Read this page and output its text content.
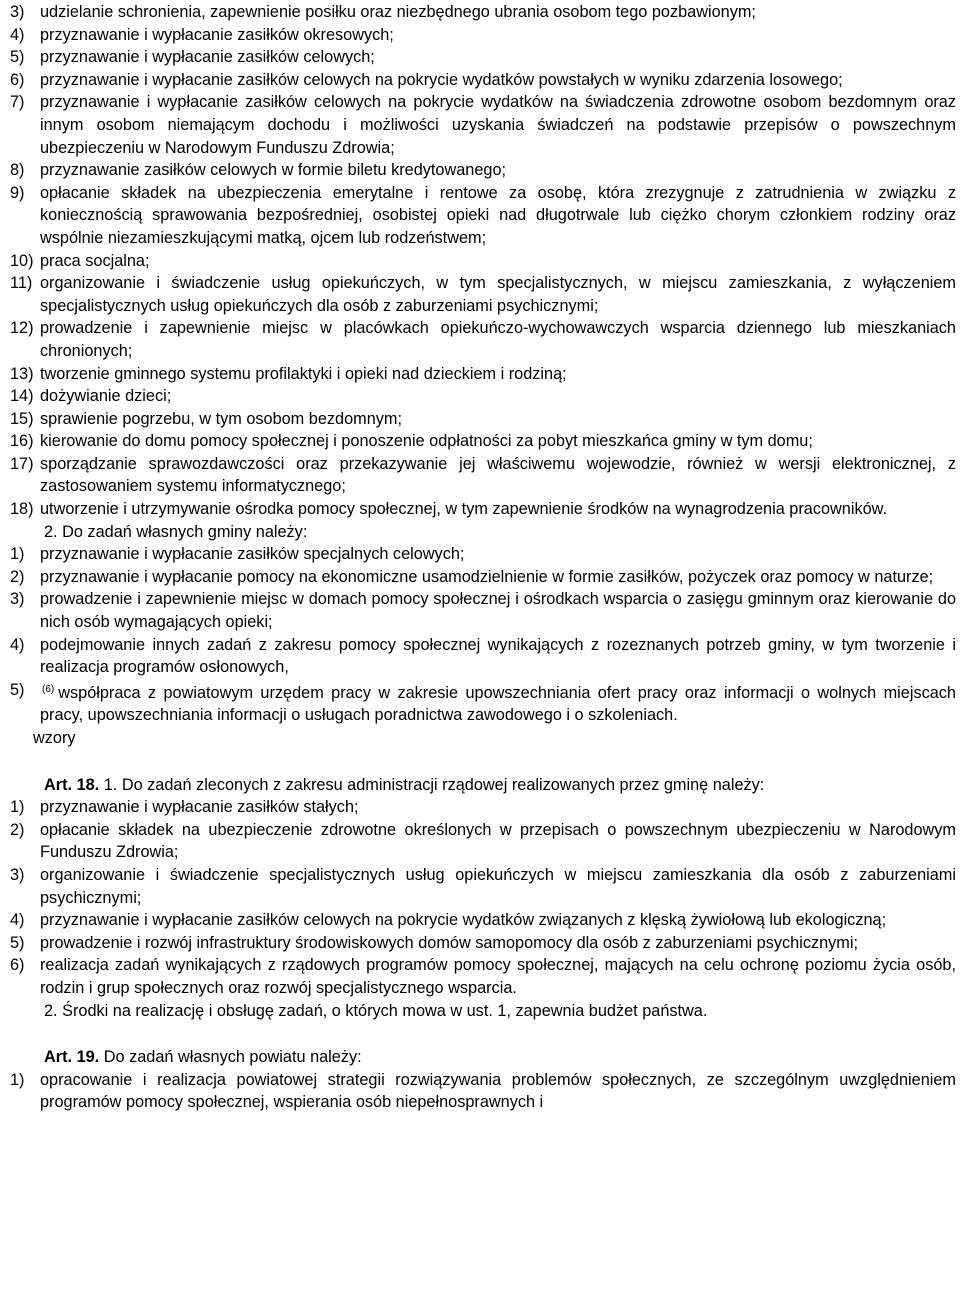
3) udzielanie schronienia, zapewnienie posiłku oraz niezbędnego ubrania osobom tego pozbawionym;
4) przyznawanie i wypłacanie zasiłków okresowych;
5) przyznawanie i wypłacanie zasiłków celowych;
6) przyznawanie i wypłacanie zasiłków celowych na pokrycie wydatków powstałych w wyniku zdarzenia losowego;
7) przyznawanie i wypłacanie zasiłków celowych na pokrycie wydatków na świadczenia zdrowotne osobom bezdomnym oraz innym osobom niemającym dochodu i możliwości uzyskania świadczeń na podstawie przepisów o powszechnym ubezpieczeniu w Narodowym Funduszu Zdrowia;
8) przyznawanie zasiłków celowych w formie biletu kredytowanego;
9) opłacanie składek na ubezpieczenia emerytalne i rentowe za osobę, która zrezygnuje z zatrudnienia w związku z koniecznością sprawowania bezpośredniej, osobistej opieki nad długotrwale lub ciężko chorym członkiem rodziny oraz wspólnie niezamieszkującymi matką, ojcem lub rodzeństwem;
10) praca socjalna;
11) organizowanie i świadczenie usług opiekuńczych, w tym specjalistycznych, w miejscu zamieszkania, z wyłączeniem specjalistycznych usług opiekuńczych dla osób z zaburzeniami psychicznymi;
12) prowadzenie i zapewnienie miejsc w placówkach opiekuńczo-wychowawczych wsparcia dziennego lub mieszkaniach chronionych;
13) tworzenie gminnego systemu profilaktyki i opieki nad dzieckiem i rodziną;
14) dożywianie dzieci;
15) sprawienie pogrzebu, w tym osobom bezdomnym;
16) kierowanie do domu pomocy społecznej i ponoszenie odpłatności za pobyt mieszkańca gminy w tym domu;
17) sporządzanie sprawozdawczości oraz przekazywanie jej właściwemu wojewodzie, również w wersji elektronicznej, z zastosowaniem systemu informatycznego;
18) utworzenie i utrzymywanie ośrodka pomocy społecznej, w tym zapewnienie środków na wynagrodzenia pracowników.
2. Do zadań własnych gminy należy:
1) przyznawanie i wypłacanie zasiłków specjalnych celowych;
2) przyznawanie i wypłacanie pomocy na ekonomiczne usamodzielnienie w formie zasiłków, pożyczek oraz pomocy w naturze;
3) prowadzenie i zapewnienie miejsc w domach pomocy społecznej i ośrodkach wsparcia o zasięgu gminnym oraz kierowanie do nich osób wymagających opieki;
4) podejmowanie innych zadań z zakresu pomocy społecznej wynikających z rozeznanych potrzeb gminy, w tym tworzenie i realizacja programów osłonowych,
5)	$^{(6)}$ współpraca z powiatowym urzędem pracy w zakresie upowszechniania ofert pracy oraz informacji o wolnych miejscach pracy, upowszechniania informacji o usługach poradnictwa zawodowego i o szkoleniach.
wzory
Art. 18. 1. Do zadań zleconych z zakresu administracji rządowej realizowanych przez gminę należy:
1) przyznawanie i wypłacanie zasiłków stałych;
2) opłacanie składek na ubezpieczenie zdrowotne określonych w przepisach o powszechnym ubezpieczeniu w Narodowym Funduszu Zdrowia;
3) organizowanie i świadczenie specjalistycznych usług opiekuńczych w miejscu zamieszkania dla osób z zaburzeniami psychicznymi;
4) przyznawanie i wypłacanie zasiłków celowych na pokrycie wydatków związanych z klęską żywiołową lub ekologiczną;
5) prowadzenie i rozwój infrastruktury środowiskowych domów samopomocy dla osób z zaburzeniami psychicznymi;
6) realizacja zadań wynikających z rządowych programów pomocy społecznej, mających na celu ochronę poziomu życia osób, rodzin i grup społecznych oraz rozwój specjalistycznego wsparcia.
2. Środki na realizację i obsługę zadań, o których mowa w ust. 1, zapewnia budżet państwa.
Art. 19. Do zadań własnych powiatu należy:
1) opracowanie i realizacja powiatowej strategii rozwiązywania problemów społecznych, ze szczególnym uwzględnieniem programów pomocy społecznej, wspierania osób niepełnosprawnych i
